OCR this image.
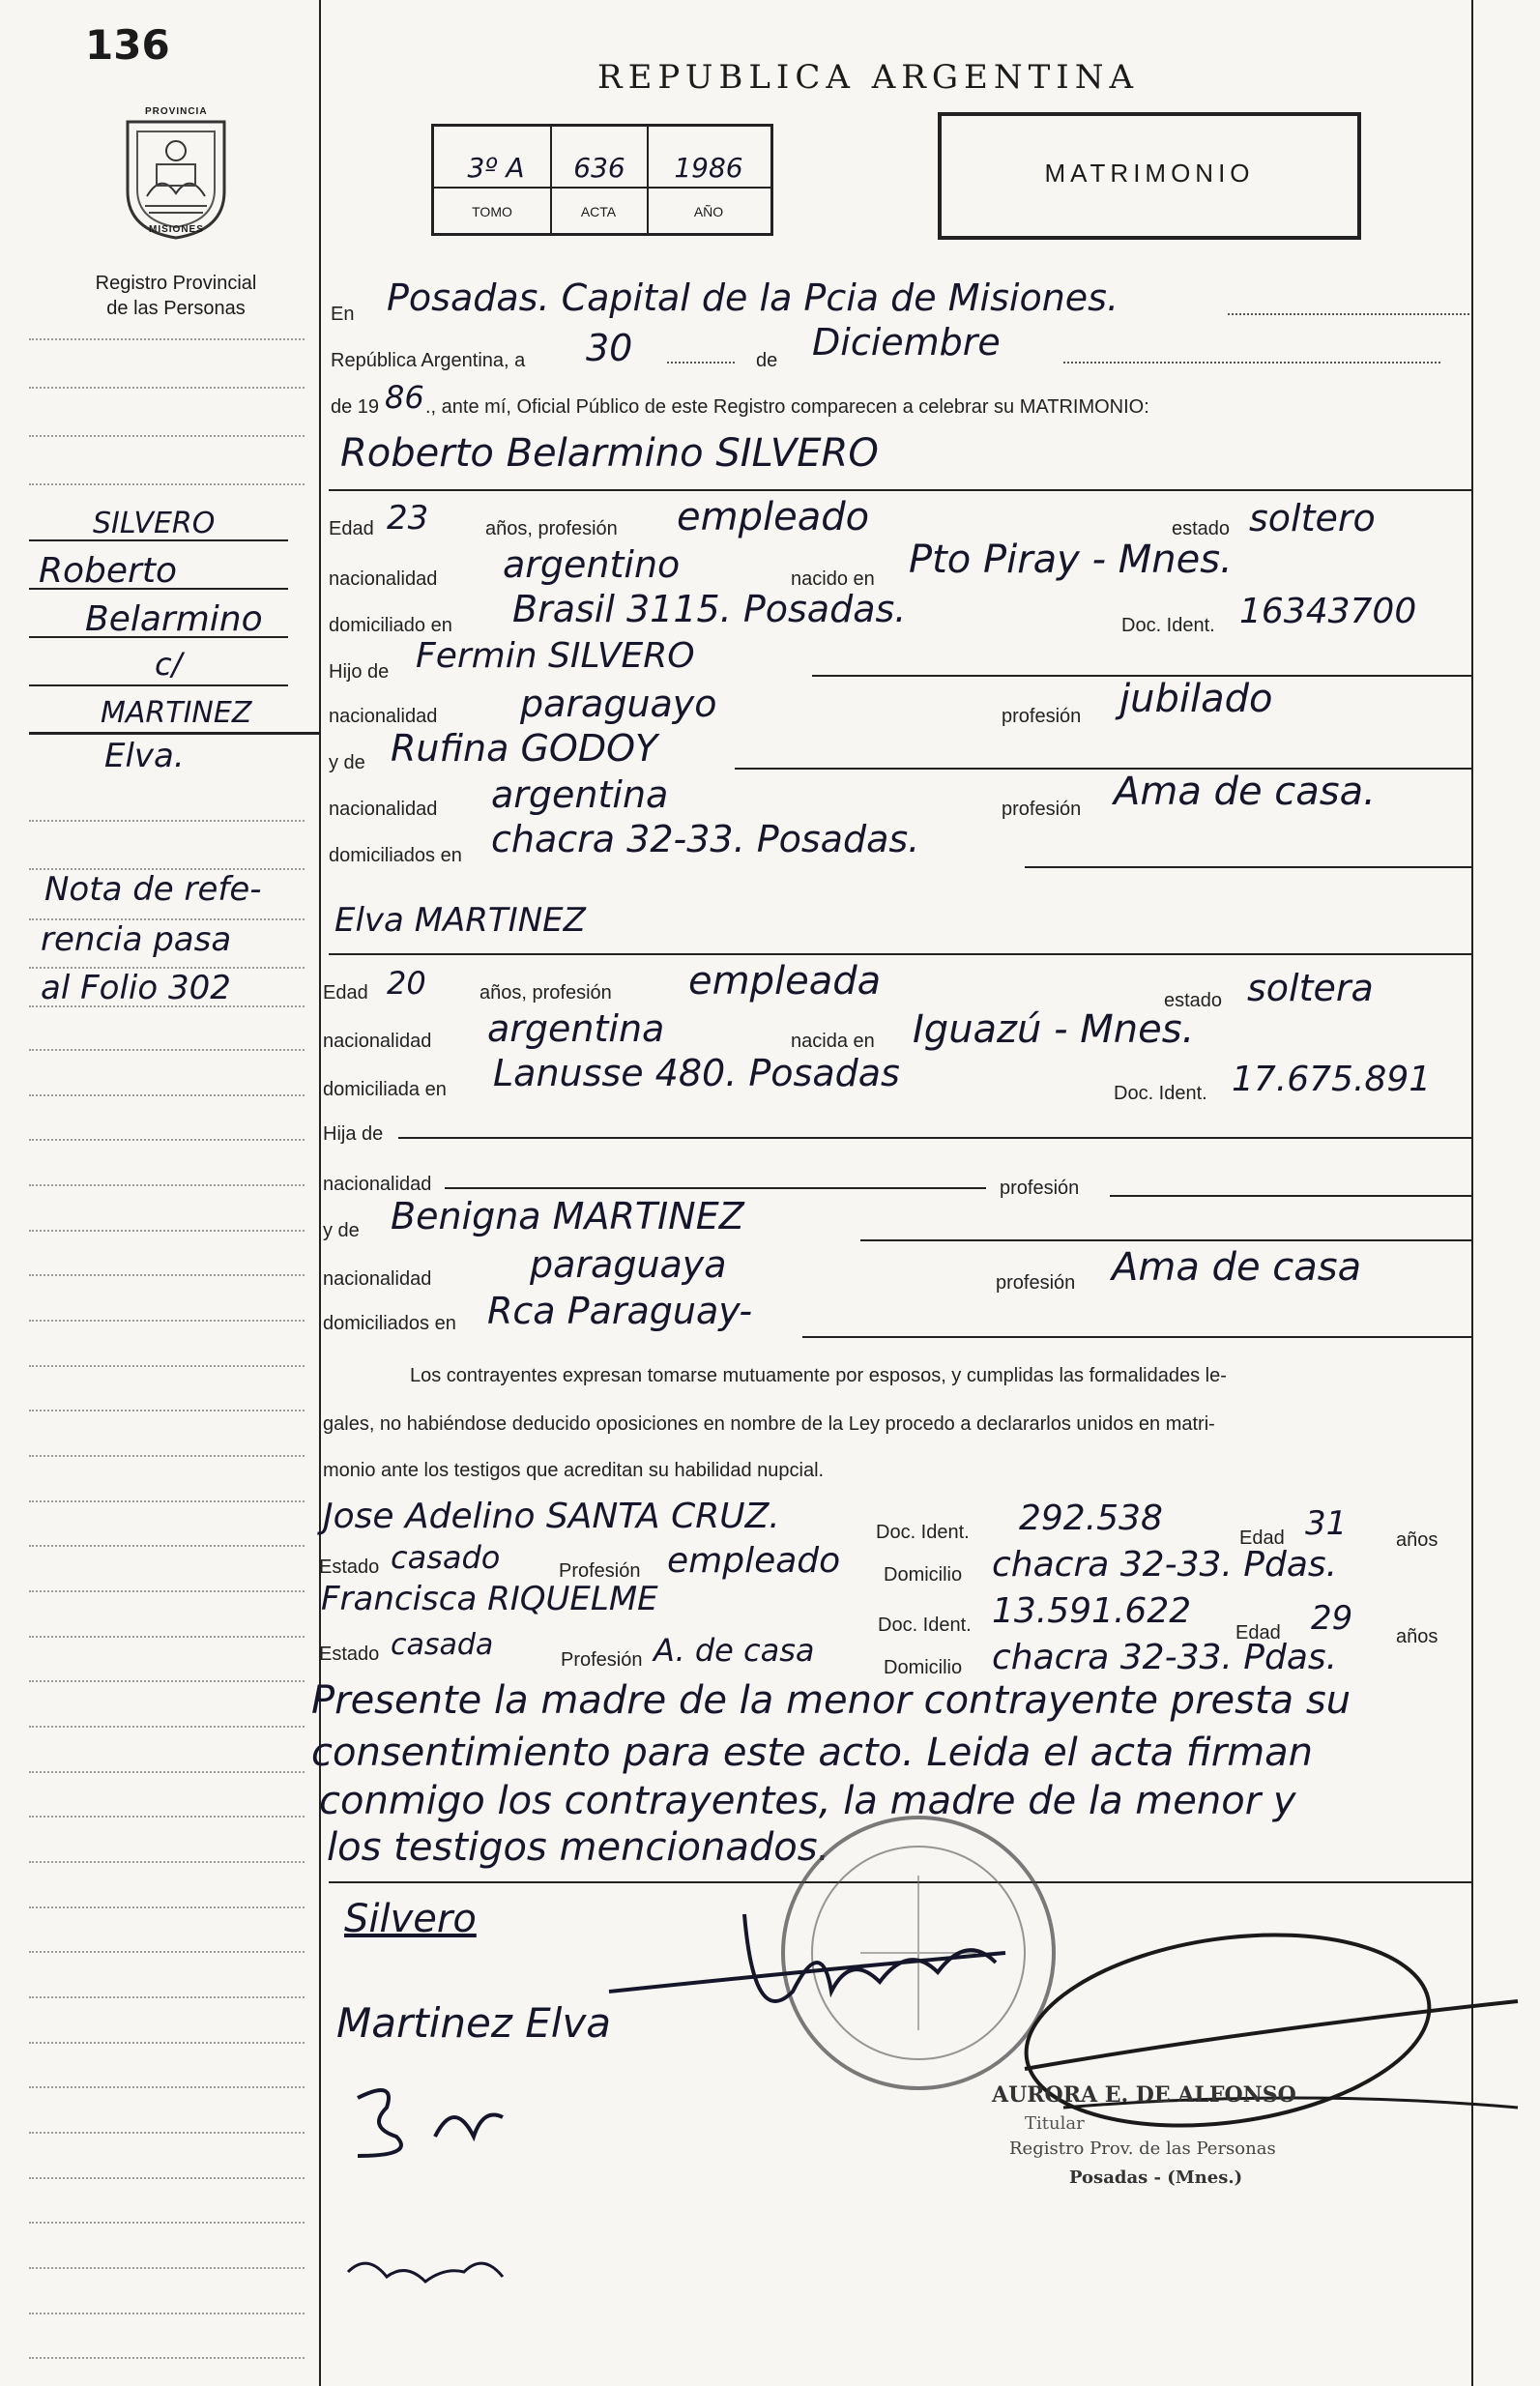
136
PROVINCIA
MISIONES
Registro Provincial
de las Personas
REPUBLICA ARGENTINA
3º A	636	1986
TOMO	ACTA	AÑO
MATRIMONIO
SILVERO
Roberto
Belarmino
c/
MARTINEZ
Elva.
Nota de refe-
rencia pasa
al Folio 302
En Posadas. Capital de la Pcia de Misiones.
República Argentina, a 30	de Diciembre
de 19 86 ., ante mí, Oficial Público de este Registro comparecen a celebrar su MATRIMONIO:
Roberto Belarmino SILVERO
Edad 23	años, profesión empleado	estado soltero
nacionalidad argentino	nacido en Pto Piray - Mnes.
domiciliado en Brasil 3115. Posadas.	Doc. Ident. 16343700
Hijo de Fermin SILVERO
nacionalidad paraguayo	profesión jubilado
y de Rufina GODOY
nacionalidad argentina	profesión Ama de casa.
domiciliados en chacra 32-33. Posadas.
Elva MARTINEZ
Edad 20	años, profesión empleada	estado soltera
nacionalidad argentina	nacida en Iguazú - Mnes.
domiciliada en Lanusse 480. Posadas	Doc. Ident. 17.675.891
Hija de
nacionalidad	profesión
y de Benigna MARTINEZ
nacionalidad	paraguaya	profesión Ama de casa
domiciliados en Rca Paraguay-
Los contrayentes expresan tomarse mutuamente por esposos, y cumplidas las formalidades le-
gales, no habiéndose deducido oposiciones en nombre de la Ley procedo a declararlos unidos en matri-
monio ante los testigos que acreditan su habilidad nupcial.
Jose Adelino SANTA CRUZ.	Doc. Ident. 292.538	Edad 31	años
Estado casado	Profesión empleado Domicilio chacra 32-33. Pdas.
Francisca RIQUELME
Doc. Ident. 13.591.622
Edad 29 años
Estado casada	Profesión A. de casa	Domicilio chacra 32-33. Pdas.
Presente la madre de la menor contrayente presta su
consentimiento para este acto. Leida el acta firman
conmigo los contrayentes, la madre de la menor y
los testigos mencionados.
Silvero
Martinez Elva
AURORA E. DE ALFONSO
Titular
Registro Prov. de las Personas
Posadas - (Mnes.)
